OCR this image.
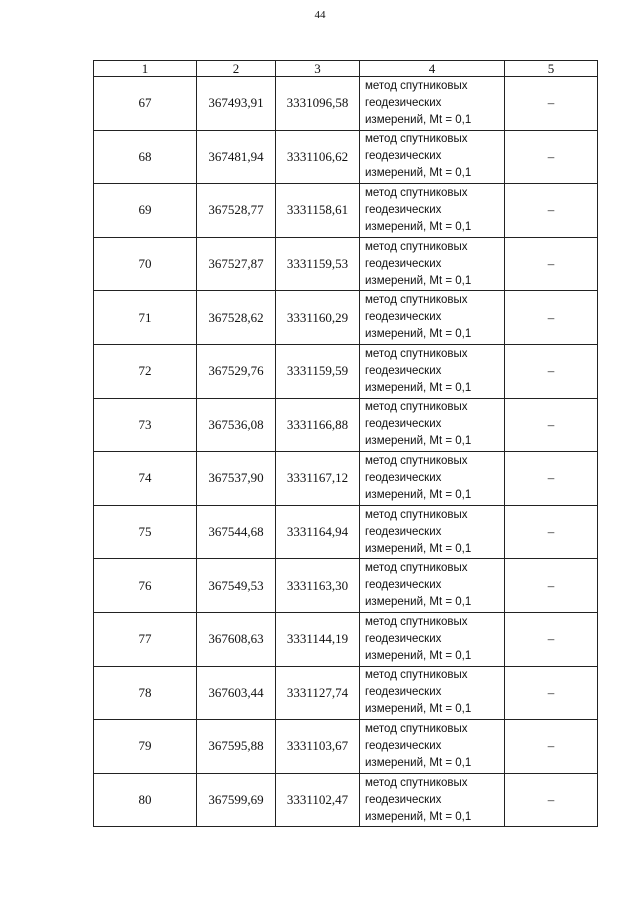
44
1	2	3	4	5
67	367493,91	3331096,58	метод спутниковых
геодезических
измерений, Mt = 0,1	–
68	367481,94	3331106,62	метод спутниковых
геодезических
измерений, Mt = 0,1	–
69	367528,77	3331158,61	метод спутниковых
геодезических
измерений, Mt = 0,1	–
70	367527,87	3331159,53	метод спутниковых
геодезических
измерений, Mt = 0,1	–
71	367528,62	3331160,29	метод спутниковых
геодезических
измерений, Mt = 0,1	–
72	367529,76	3331159,59	метод спутниковых
геодезических
измерений, Mt = 0,1	–
73	367536,08	3331166,88	метод спутниковых
геодезических
измерений, Mt = 0,1	–
74	367537,90	3331167,12	метод спутниковых
геодезических
измерений, Mt = 0,1	–
75	367544,68	3331164,94	метод спутниковых
геодезических
измерений, Mt = 0,1	–
76	367549,53	3331163,30	метод спутниковых
геодезических
измерений, Mt = 0,1	–
77	367608,63	3331144,19	метод спутниковых
геодезических
измерений, Mt = 0,1	–
78	367603,44	3331127,74	метод спутниковых
геодезических
измерений, Mt = 0,1	–
79	367595,88	3331103,67	метод спутниковых
геодезических
измерений, Mt = 0,1	–
80	367599,69	3331102,47	метод спутниковых
геодезических
измерений, Mt = 0,1	–
